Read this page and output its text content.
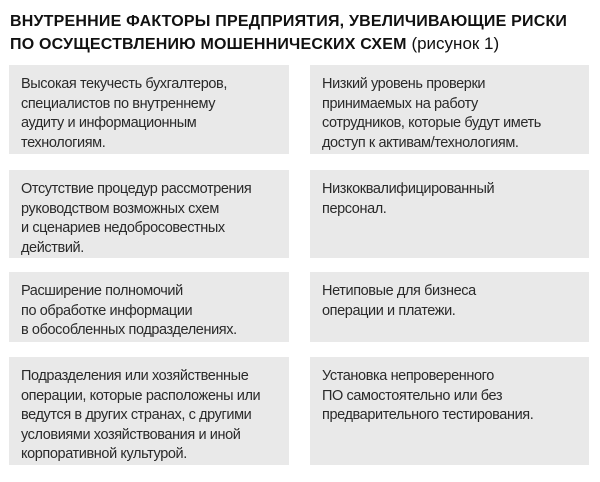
ВНУТРЕННИЕ ФАКТОРЫ ПРЕДПРИЯТИЯ, УВЕЛИЧИВАЮЩИЕ РИСКИ
ПО ОСУЩЕСТВЛЕНИЮ МОШЕННИЧЕСКИХ СХЕМ (рисунок 1)
Высокая текучесть бухгалтеров,
специалистов по внутреннему
аудиту и информационным
технологиям.
Низкий уровень проверки
принимаемых на работу
сотрудников, которые будут иметь
доступ к активам/технологиям.
Отсутствие процедур рассмотрения
руководством возможных схем
и сценариев недобросовестных
действий.
Низкоквалифицированный
персонал.
Расширение полномочий
по обработке информации
в обособленных подразделениях.
Нетиповые для бизнеса
операции и платежи.
Подразделения или хозяйственные
операции, которые расположены или
ведутся в других странах, с другими
условиями хозяйствования и иной
корпоративной культурой.
Установка непроверенного
ПО самостоятельно или без
предварительного тестирования.
